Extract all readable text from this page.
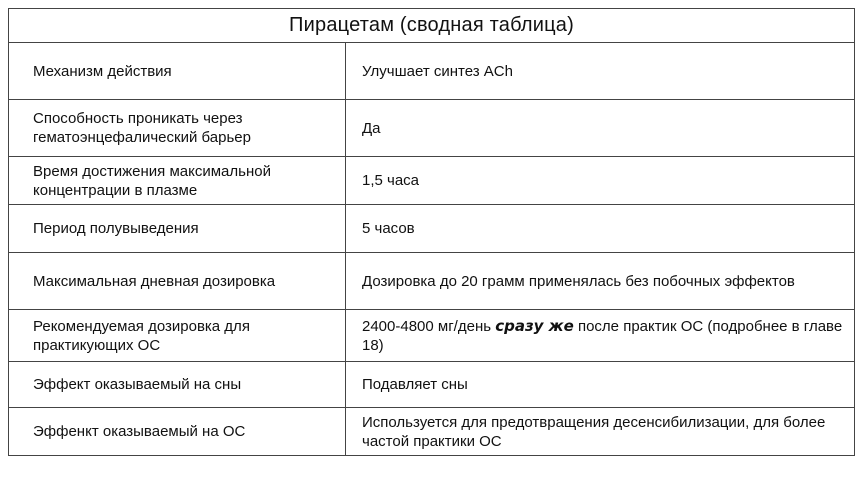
Пирацетам (сводная таблица)	
Механизм действия	Улучшает синтез ACh
Способность проникать через гематоэнцефалический барьер	Да
Время достижения максимальной концентрации в плазме	1,5 часа
Период полувыведения	5 часов
Максимальная дневная дозировка	Дозировка до 20 грамм применялась без побочных эффектов
Рекомендуемая дозировка для практикующих ОС	2400-4800 мг/день сразу же после практик ОС (подробнее в главе 18)
Эффект оказываемый на сны	Подавляет сны
Эффенкт оказываемый на ОС	Используется для предотвращения десенсибилизации, для более частой практики ОС
